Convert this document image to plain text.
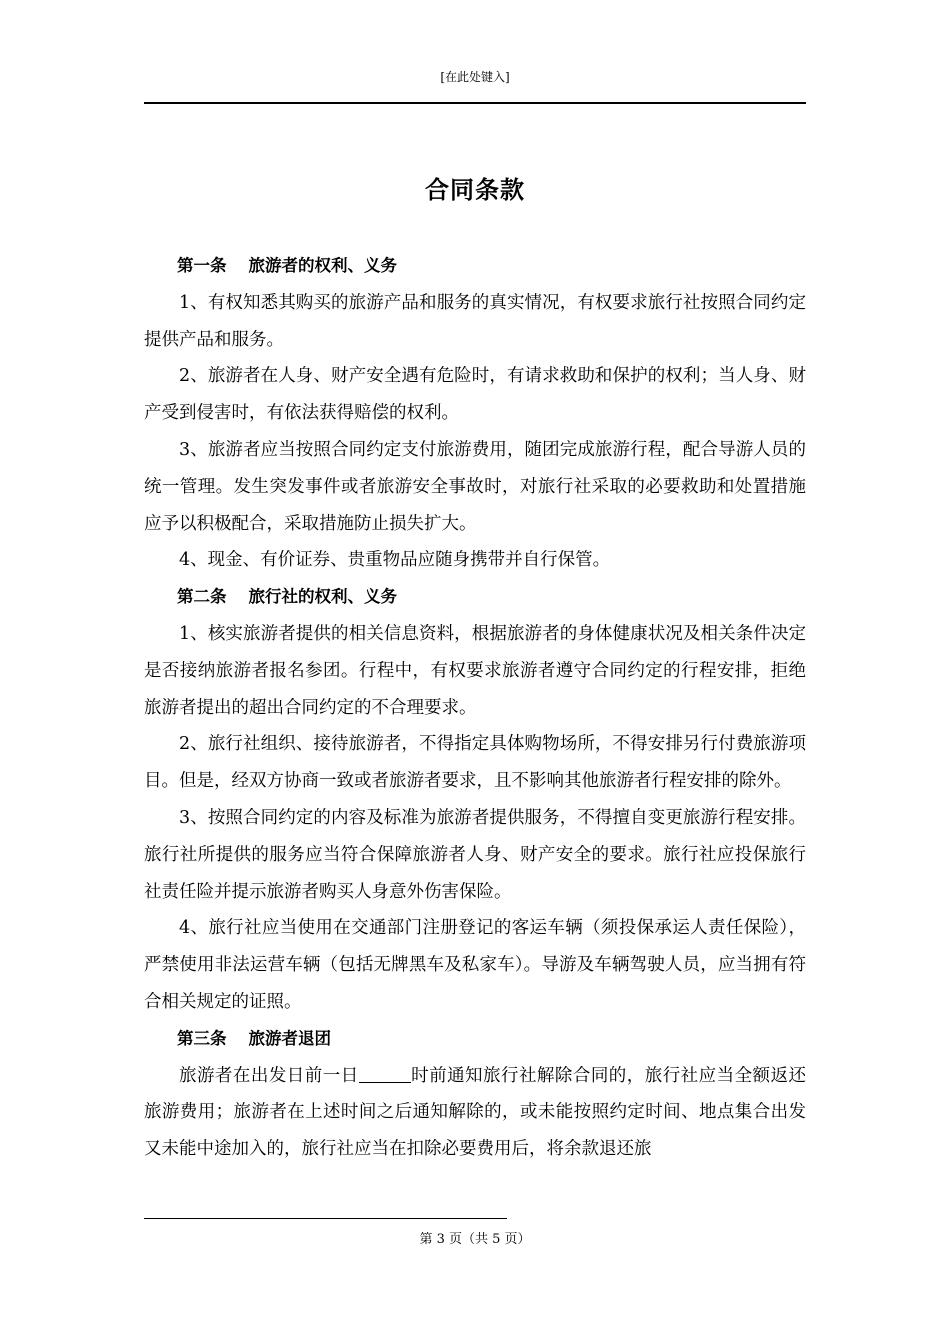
[在此处键入]
合同条款

第一条 旅游者的权利、义务

1、有权知悉其购买的旅游产品和服务的真实情况，有权要求旅行社按照合同约定提供产品和服务。

2、旅游者在人身、财产安全遇有危险时，有请求救助和保护的权利；当人身、财产受到侵害时，有依法获得赔偿的权利。

3、旅游者应当按照合同约定支付旅游费用，随团完成旅游行程，配合导游人员的统一管理。发生突发事件或者旅游安全事故时，对旅行社采取的必要救助和处置措施应予以积极配合，采取措施防止损失扩大。

4、现金、有价证券、贵重物品应随身携带并自行保管。

第二条 旅行社的权利、义务

1、核实旅游者提供的相关信息资料，根据旅游者的身体健康状况及相关条件决定是否接纳旅游者报名参团。行程中，有权要求旅游者遵守合同约定的行程安排，拒绝旅游者提出的超出合同约定的不合理要求。

2、旅行社组织、接待旅游者，不得指定具体购物场所，不得安排另行付费旅游项目。但是，经双方协商一致或者旅游者要求，且不影响其他旅游者行程安排的除外。

3、按照合同约定的内容及标准为旅游者提供服务，不得擅自变更旅游行程安排。旅行社所提供的服务应当符合保障旅游者人身、财产安全的要求。旅行社应投保旅行社责任险并提示旅游者购买人身意外伤害保险。

4、旅行社应当使用在交通部门注册登记的客运车辆（须投保承运人责任保险），严禁使用非法运营车辆（包括无牌黑车及私家车）。导游及车辆驾驶人员，应当拥有符合相关规定的证照。

第三条 旅游者退团

旅游者在出发日前一日	时前通知旅行社解除合同的，旅行社应当全额返还旅游费用；旅游者在上述时间之后通知解除的，或未能按照约定时间、地点集合出发又未能中途加入的，旅行社应当在扣除必要费用后，将余款退还旅

第 3 页（共 5 页）
